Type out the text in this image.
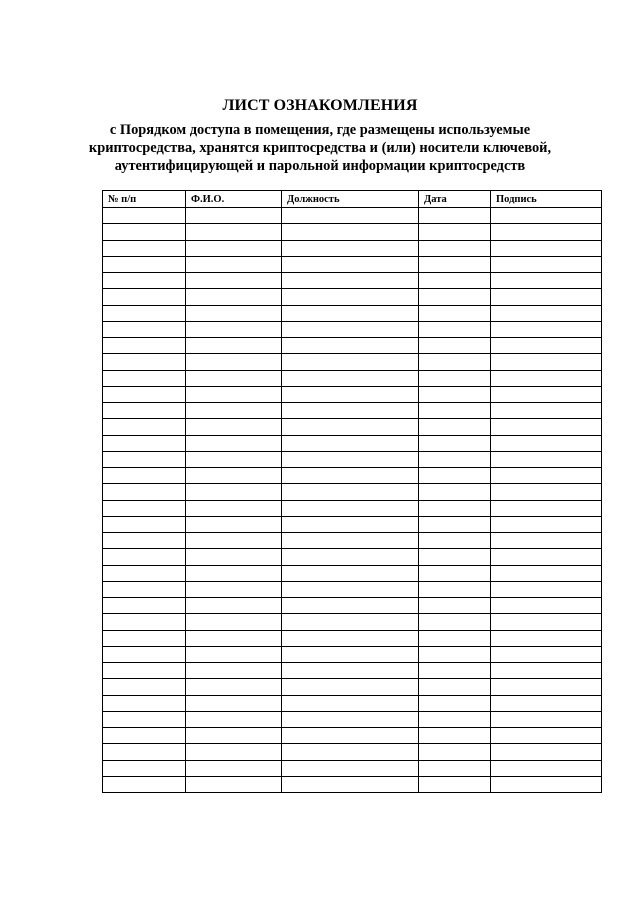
ЛИСТ ОЗНАКОМЛЕНИЯ
с Порядком доступа в помещения, где размещены используемые
криптосредства, хранятся криптосредства и (или) носители ключевой,
аутентифицирующей и парольной информации криптосредств
№ п/п	Ф.И.О.	Должность	Дата	Подпись
